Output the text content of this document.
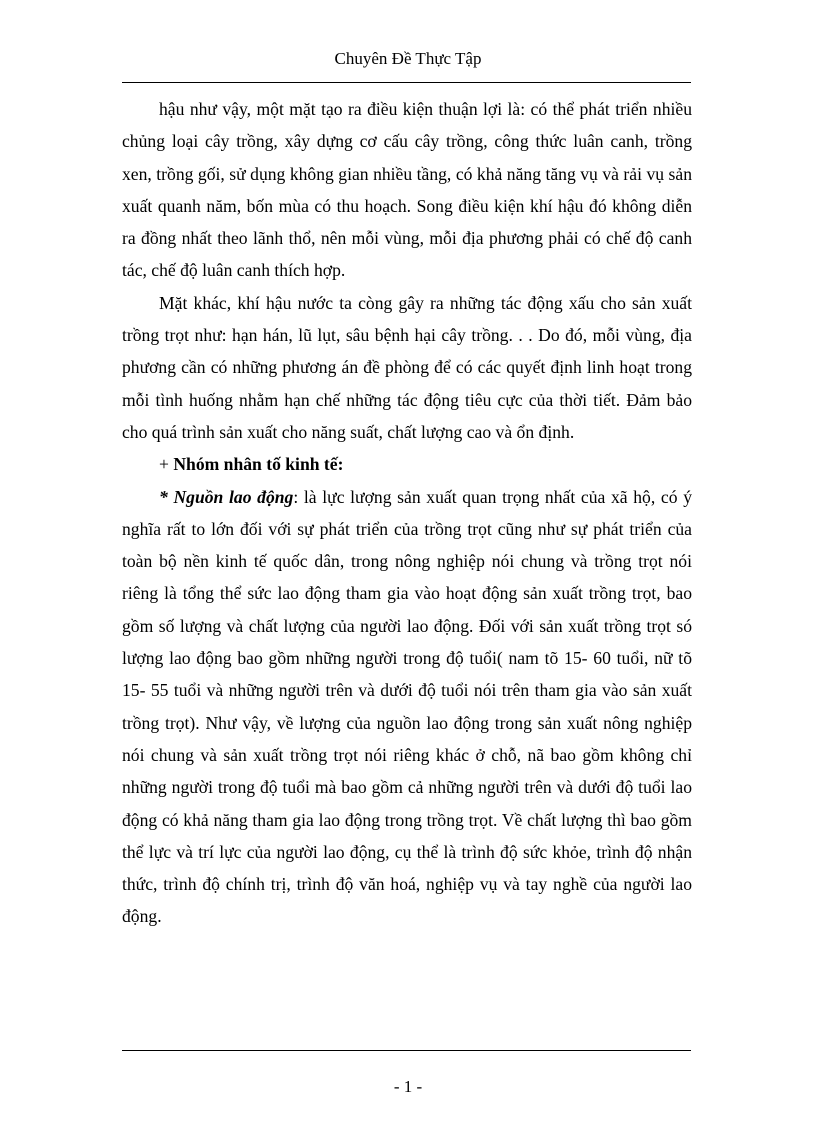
Chuyên Đề Thực Tập

hậu như vậy, một mặt tạo ra điều kiện thuận lợi là: có thể phát triển nhiều chủng loại cây trồng, xây dựng cơ cấu cây trồng, công thức luân canh, trồng xen, trồng gối, sử dụng không gian nhiều tầng, có khả năng tăng vụ và rải vụ sản xuất quanh năm, bốn mùa có thu hoạch. Song điều kiện khí hậu đó không diễn ra đồng nhất theo lãnh thổ, nên mỗi vùng, mỗi địa phương phải có chế độ canh tác, chế độ luân canh thích hợp.

Mặt khác, khí hậu nước ta còng gây ra những tác động xấu cho sản xuất trồng trọt như: hạn hán, lũ lụt, sâu bệnh hại cây trồng. . . Do đó, mỗi vùng, địa phương cần có những phương án đề phòng để có các quyết định linh hoạt trong mỗi tình huống nhằm hạn chế những tác động tiêu cực của thời tiết. Đảm bảo cho quá trình sản xuất cho năng suất, chất lượng cao và ổn định.

+ Nhóm nhân tố kinh tế:

* Nguồn lao động: là lực lượng sản xuất quan trọng nhất của xã hộ, có ý nghĩa rất to lớn đối với sự phát triển của trồng trọt cũng như sự phát triển của toàn bộ nền kinh tế quốc dân, trong nông nghiệp nói chung và trồng trọt nói riêng là tổng thể sức lao động tham gia vào hoạt động sản xuất trồng trọt, bao gồm số lượng và chất lượng của người lao động. Đối với sản xuất trồng trọt só lượng lao động bao gồm những người trong độ tuổi( nam tõ 15- 60 tuổi, nữ tõ 15- 55 tuổi và những người trên và dưới độ tuổi nói trên tham gia vào sản xuất trồng trọt). Như vậy, về lượng của nguồn lao động trong sản xuất nông nghiệp nói chung và sản xuất trồng trọt nói riêng khác ở chỗ, nã bao gồm không chỉ những người trong độ tuổi mà bao gồm cả những người trên và dưới độ tuổi lao động có khả năng tham gia lao động trong trồng trọt. Về chất lượng thì bao gồm thể lực và trí lực của người lao động, cụ thể là trình độ sức khỏe, trình độ nhận thức, trình độ chính trị, trình độ văn hoá, nghiệp vụ và tay nghề của người lao động.

- 1 -
